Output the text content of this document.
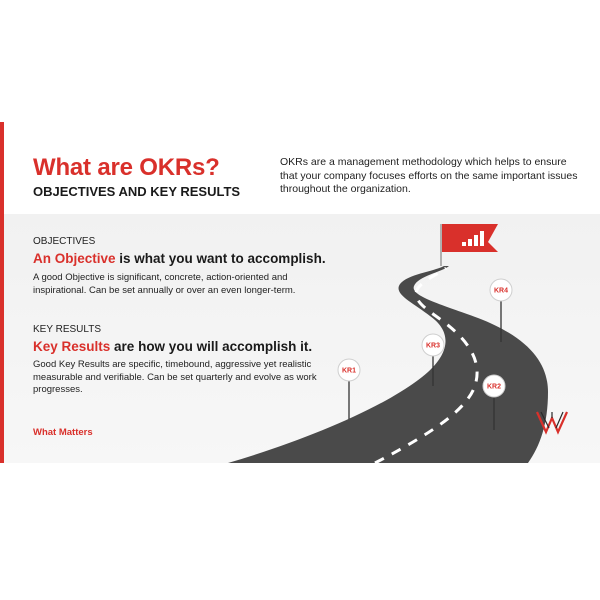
What are OKRs?
OBJECTIVES AND KEY RESULTS
OKRs are a management methodology which helps to ensure that your company focuses efforts on the same important issues throughout the organization.
OBJECTIVES
An Objective is what you want to accomplish.
A good Objective is significant, concrete, action-oriented and inspirational. Can be set annually or over an even longer-term.
KEY RESULTS
Key Results are how you will accomplish it.
Good Key Results are specific, timebound, aggressive yet realistic measurable and verifiable. Can be set quarterly and evolve as work progresses.
What Matters
KR4
KR3
KR1
KR2
